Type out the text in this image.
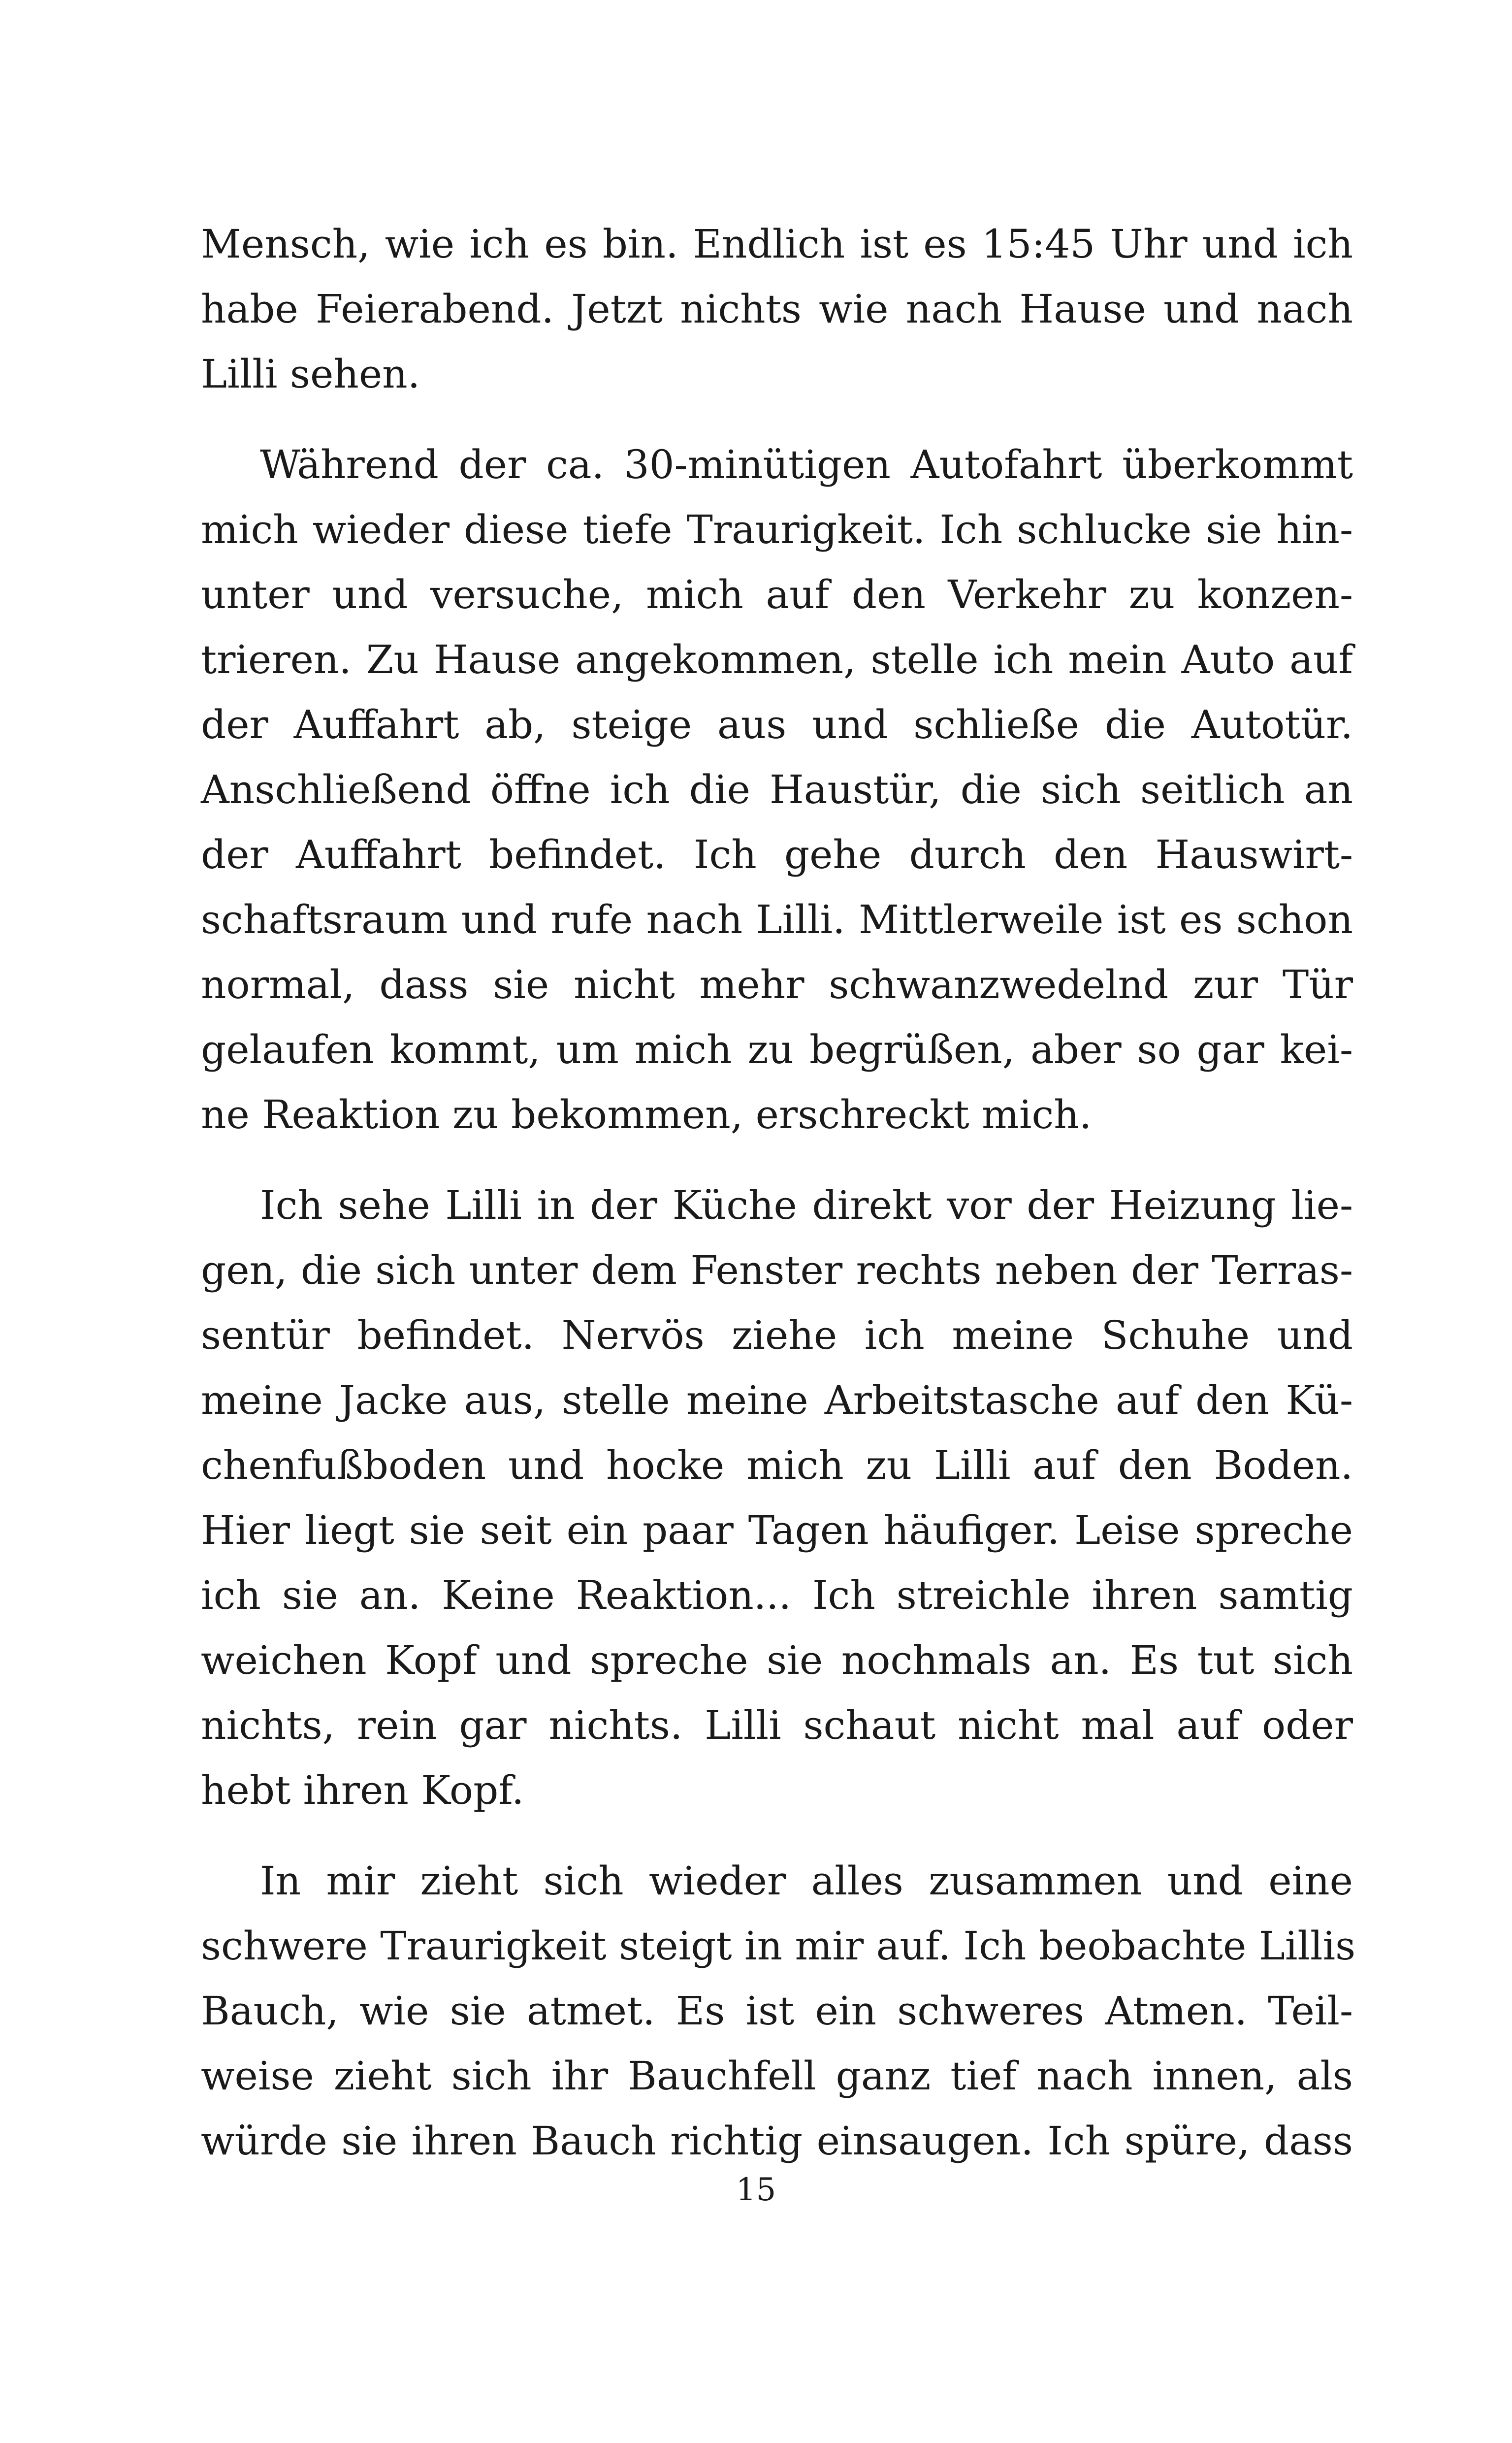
Mensch, wie ich es bin. Endlich ist es 15:45 Uhr und ich
habe Feierabend. Jetzt nichts wie nach Hause und nach
Lilli sehen.
Während der ca. 30-minütigen Autofahrt überkommt
mich wieder diese tiefe Traurigkeit. Ich schlucke sie hin-
unter und versuche, mich auf den Verkehr zu konzen-
trieren. Zu Hause angekommen, stelle ich mein Auto auf
der Auffahrt ab, steige aus und schließe die Autotür.
Anschließend öffne ich die Haustür, die sich seitlich an
der Auffahrt befindet. Ich gehe durch den Hauswirt-
schaftsraum und rufe nach Lilli. Mittlerweile ist es schon
normal, dass sie nicht mehr schwanzwedelnd zur Tür
gelaufen kommt, um mich zu begrüßen, aber so gar kei-
ne Reaktion zu bekommen, erschreckt mich.
Ich sehe Lilli in der Küche direkt vor der Heizung lie-
gen, die sich unter dem Fenster rechts neben der Terras-
sentür befindet. Nervös ziehe ich meine Schuhe und
meine Jacke aus, stelle meine Arbeitstasche auf den Kü-
chenfußboden und hocke mich zu Lilli auf den Boden.
Hier liegt sie seit ein paar Tagen häufiger. Leise spreche
ich sie an. Keine Reaktion... Ich streichle ihren samtig
weichen Kopf und spreche sie nochmals an. Es tut sich
nichts, rein gar nichts. Lilli schaut nicht mal auf oder
hebt ihren Kopf.
In mir zieht sich wieder alles zusammen und eine
schwere Traurigkeit steigt in mir auf. Ich beobachte Lillis
Bauch, wie sie atmet. Es ist ein schweres Atmen. Teil-
weise zieht sich ihr Bauchfell ganz tief nach innen, als
würde sie ihren Bauch richtig einsaugen. Ich spüre, dass
15
